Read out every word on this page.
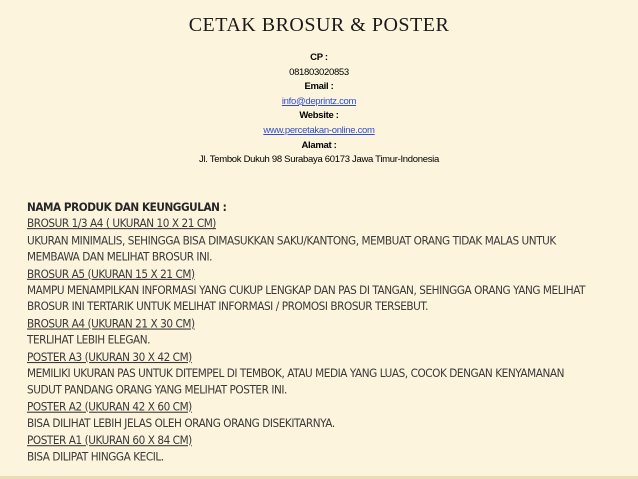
CETAK BROSUR & POSTER
CP :
081803020853
Email :
info@deprintz.com
Website :
www.percetakan-online.com
Alamat :
Jl. Tembok Dukuh 98 Surabaya 60173 Jawa Timur-Indonesia
NAMA PRODUK DAN KEUNGGULAN :
BROSUR 1/3 A4 ( UKURAN 10 X 21 CM)
UKURAN MINIMALIS, SEHINGGA BISA DIMASUKKAN SAKU/KANTONG, MEMBUAT ORANG TIDAK MALAS UNTUK
MEMBAWA DAN MELIHAT BROSUR INI.
BROSUR A5 (UKURAN 15 X 21 CM)
MAMPU MENAMPILKAN INFORMASI YANG CUKUP LENGKAP DAN PAS DI TANGAN, SEHINGGA ORANG YANG MELIHAT
BROSUR INI TERTARIK UNTUK MELIHAT INFORMASI / PROMOSI BROSUR TERSEBUT.
BROSUR A4 (UKURAN 21 X 30 CM)
TERLIHAT LEBIH ELEGAN.
POSTER A3 (UKURAN 30 X 42 CM)
MEMILIKI UKURAN PAS UNTUK DITEMPEL DI TEMBOK, ATAU MEDIA YANG LUAS, COCOK DENGAN KENYAMANAN
SUDUT PANDANG ORANG YANG MELIHAT POSTER INI.
POSTER A2 (UKURAN 42 X 60 CM)
BISA DILIHAT LEBIH JELAS OLEH ORANG ORANG DISEKITARNYA.
POSTER A1 (UKURAN 60 X 84 CM)
BISA DILIPAT HINGGA KECIL.
